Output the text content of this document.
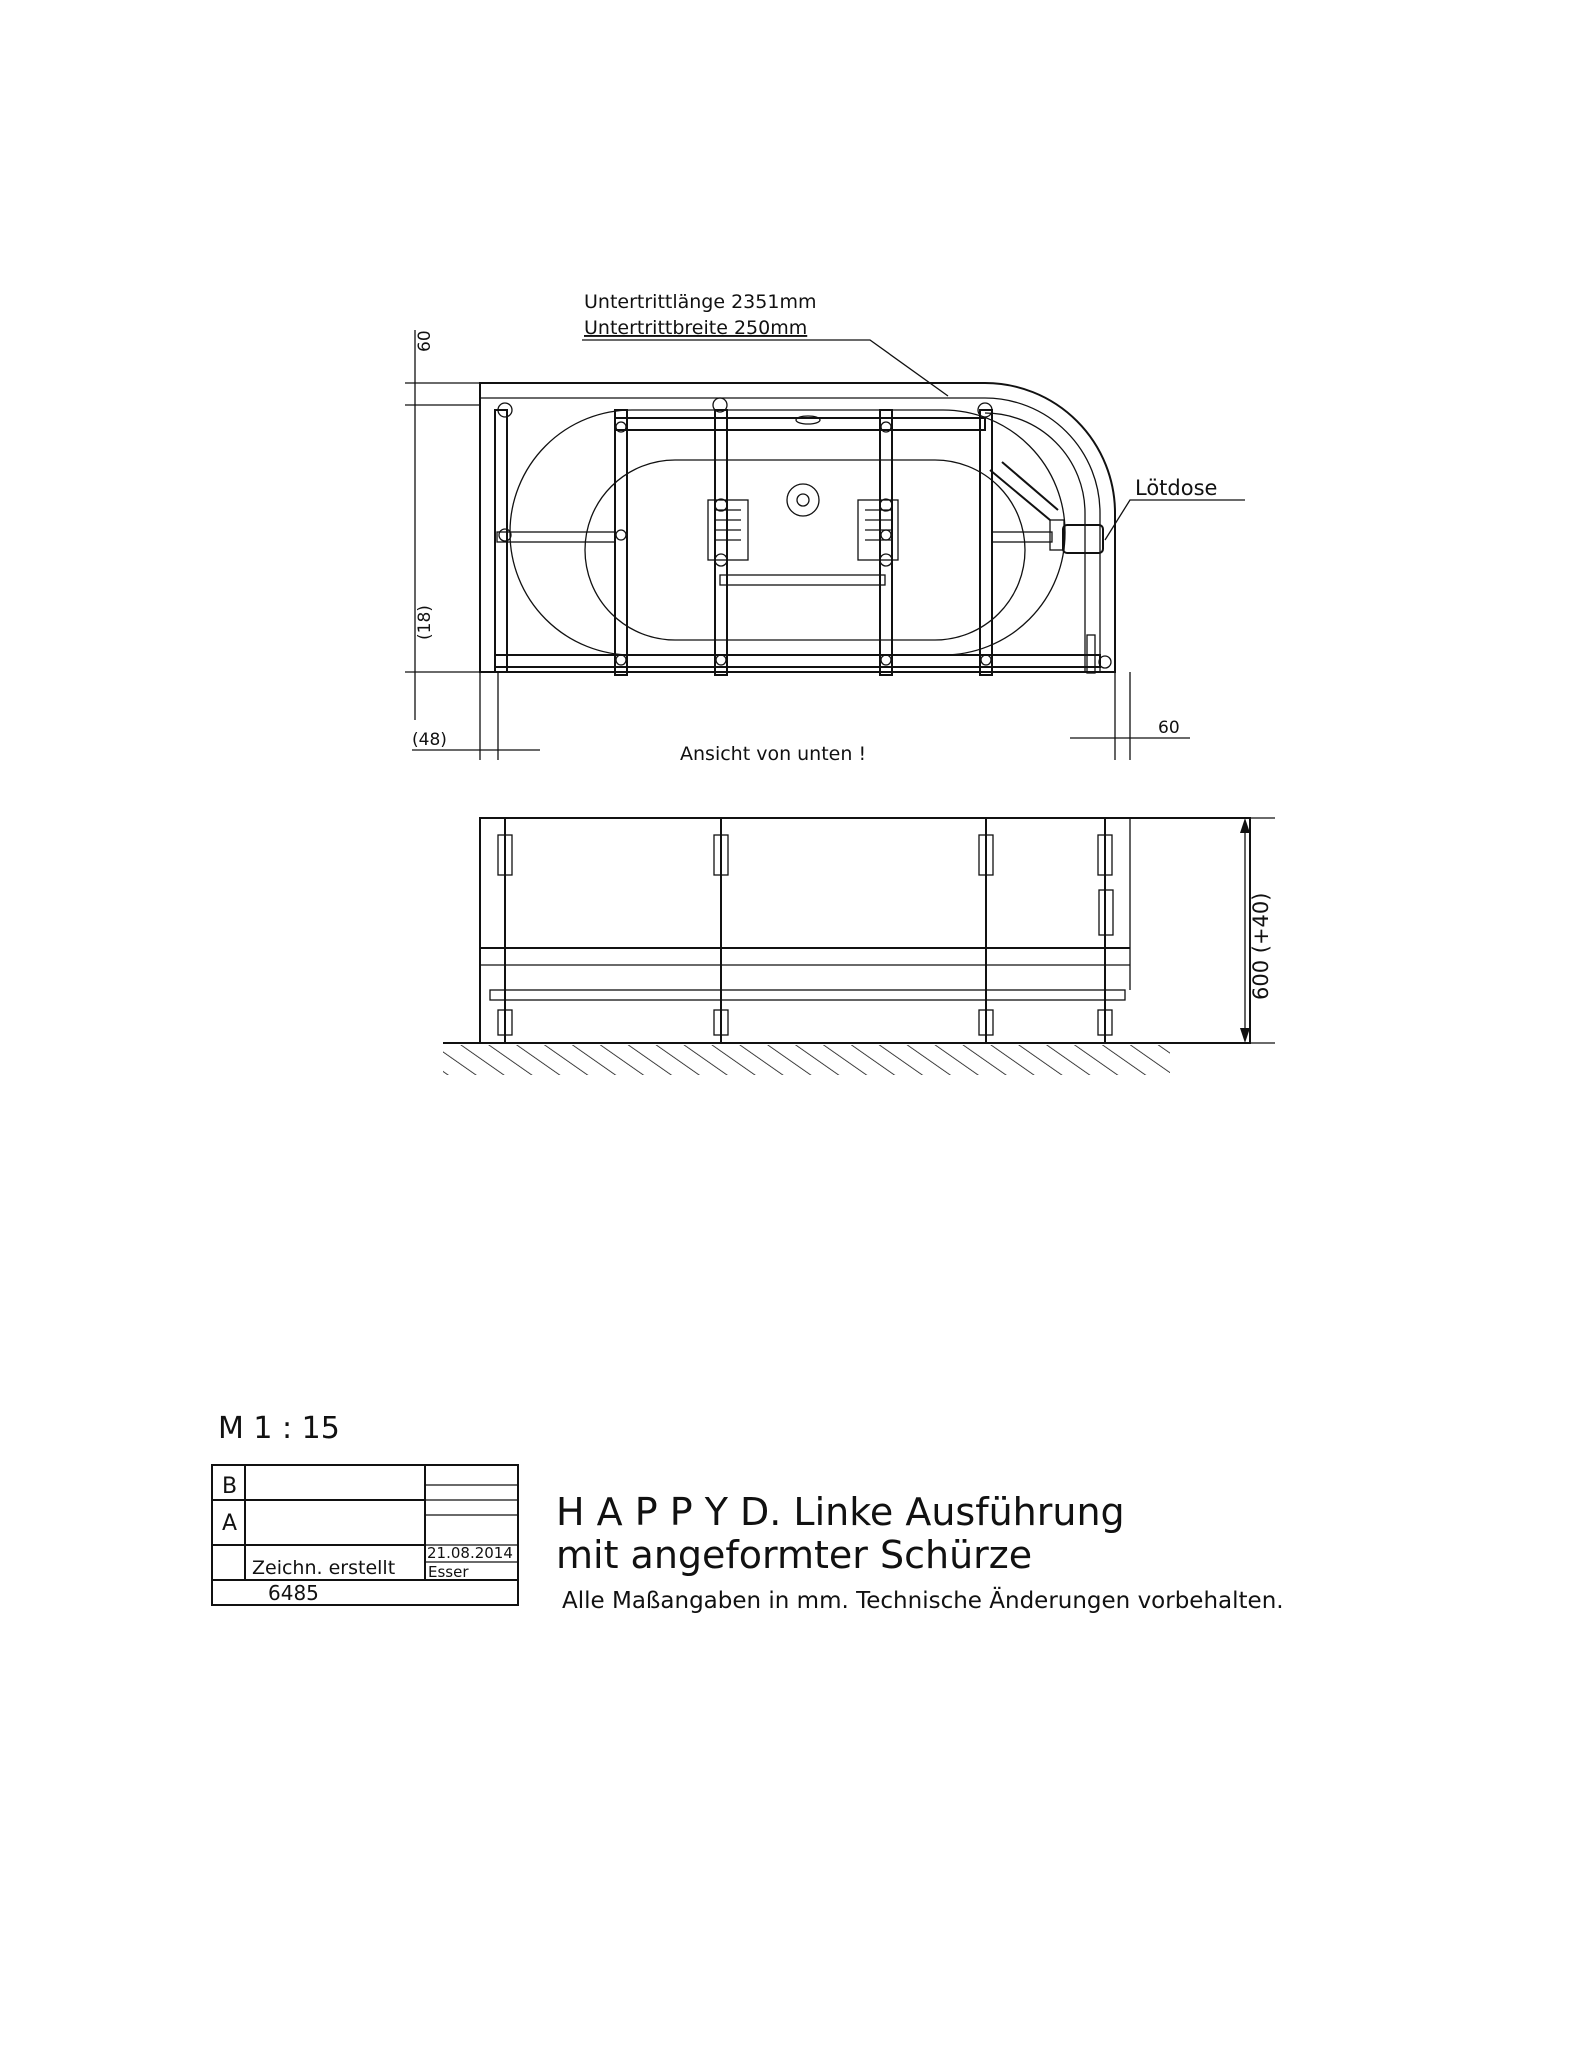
Untertrittlänge 2351mm
Untertrittbreite 250mm
Lötdose
60
(18)
(48)
60
Ansicht von unten !
600 (+40)
M 1 : 15
B
A
Zeichn. erstellt
21.08.2014
Esser
6485
H A P P Y D. Linke Ausführung
mit angeformter Schürze
Alle Maßangaben in mm. Technische Änderungen vorbehalten.
